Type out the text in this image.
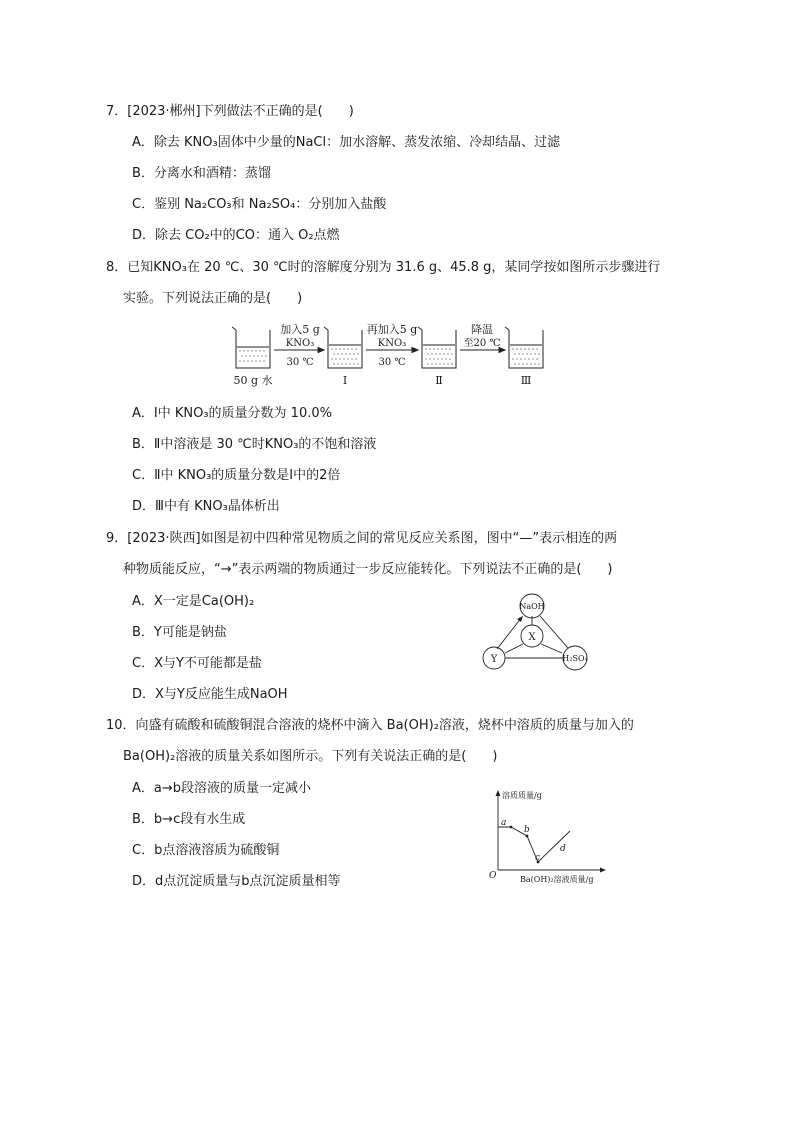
7．[2023·郴州]下列做法不正确的是(　　)
A．除去 KNO₃固体中少量的NaCl：加水溶解、蒸发浓缩、冷却结晶、过滤
B．分离水和酒精：蒸馏
C．鉴别 Na₂CO₃和 Na₂SO₄：分别加入盐酸
D．除去 CO₂中的CO：通入 O₂点燃
8．已知KNO₃在 20 ℃、30 ℃时的溶解度分别为 31.6 g、45.8 g，某同学按如图所示步骤进行
实验。下列说法正确的是(　　)
加入5 g
KNO₃
30 ℃
再加入5 g
KNO₃
30 ℃
降温
至20 ℃
50 g 水	Ⅰ	Ⅱ	Ⅲ
A．Ⅰ中 KNO₃的质量分数为 10.0%
B．Ⅱ中溶液是 30 ℃时KNO₃的不饱和溶液
C．Ⅱ中 KNO₃的质量分数是Ⅰ中的2倍
D．Ⅲ中有 KNO₃晶体析出
9．[2023·陕西]如图是初中四种常见物质之间的常见反应关系图，图中“—”表示相连的两
种物质能反应，“→”表示两端的物质通过一步反应能转化。下列说法不正确的是(　　)
A．X一定是Ca(OH)₂
B．Y可能是钠盐
C．X与Y不可能都是盐
D．X与Y反应能生成NaOH
NaOH
X
Y	H₂SO₄
10．向盛有硫酸和硫酸铜混合溶液的烧杯中滴入 Ba(OH)₂溶液，烧杯中溶质的质量与加入的
Ba(OH)₂溶液的质量关系如图所示。下列有关说法正确的是(　　)
A．a→b段溶液的质量一定减小
B．b→c段有水生成
C．b点溶液溶质为硫酸铜
D．d点沉淀质量与b点沉淀质量相等
溶质质量/g
Ba(OH)₂溶液质量/g
O
a
b
c
d
